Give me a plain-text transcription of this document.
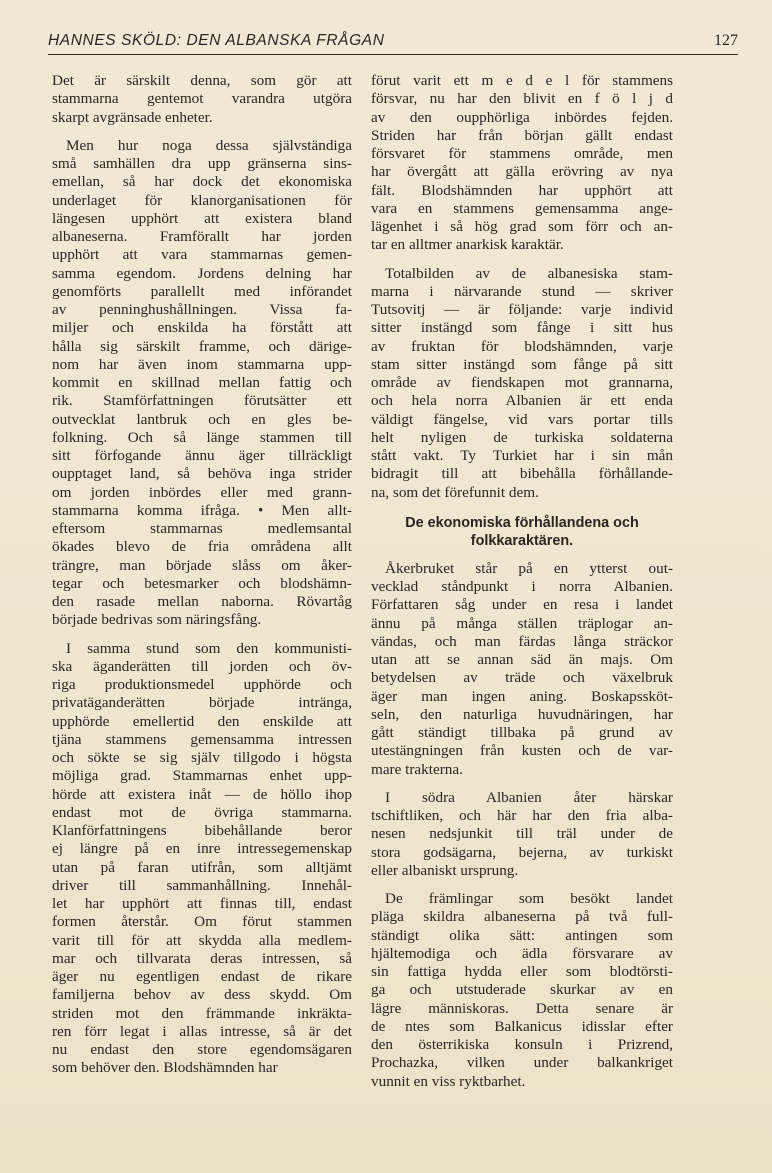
HANNES SKÖLD: DEN ALBANSKA FRÅGAN	127
Det är särskilt denna, som gör att
stammarna gentemot varandra utgöra
skarpt avgränsade enheter.
Men hur noga dessa självständiga
små samhällen dra upp gränserna sins-
emellan, så har dock det ekonomiska
underlaget för klanorganisationen för
längesen upphört att existera bland
albaneserna. Framförallt har jorden
upphört att vara stammarnas gemen-
samma egendom. Jordens delning har
genomförts parallellt med införandet
av penninghushållningen. Vissa fa-
miljer och enskilda ha förstått att
hålla sig särskilt framme, och därige-
nom har även inom stammarna upp-
kommit en skillnad mellan fattig och
rik. Stamförfattningen förutsätter ett
outvecklat lantbruk och en gles be-
folkning. Och så länge stammen till
sitt förfogande ännu äger tillräckligt
oupptaget land, så behöva inga strider
om jorden inbördes eller med grann-
stammarna komma ifråga. • Men allt-
eftersom stammarnas medlemsantal
ökades blevo de fria områdena allt
trängre, man började slåss om åker-
tegar och betesmarker och blodshämn-
den rasade mellan naborna. Rövartåg
började bedrivas som näringsfång.
I samma stund som den kommunisti-
ska äganderätten till jorden och öv-
riga produktionsmedel upphörde och
privatäganderätten började intränga,
upphörde emellertid den enskilde att
tjäna stammens gemensamma intressen
och sökte se sig själv tillgodo i högsta
möjliga grad. Stammarnas enhet upp-
hörde att existera inåt — de höllo ihop
endast mot de övriga stammarna.
Klanförfattningens bibehållande beror
ej längre på en inre intressegemenskap
utan på faran utifrån, som alltjämt
driver till sammanhållning. Innehål-
let har upphört att finnas till, endast
formen återstår. Om förut stammen
varit till för att skydda alla medlem-
mar och tillvarata deras intressen, så
äger nu egentligen endast de rikare
familjerna behov av dess skydd. Om
striden mot den främmande inkräkta-
ren förr legat i allas intresse, så är det
nu endast den store egendomsägaren
som behöver den. Blodshämnden har
förut varit ett m e d e l för stammens
försvar, nu har den blivit en f ö l j d
av den oupphörliga inbördes fejden.
Striden har från början gällt endast
försvaret för stammens område, men
har övergått att gälla erövring av nya
fält. Blodshämnden har upphört att
vara en stammens gemensamma ange-
lägenhet i så hög grad som förr och an-
tar en alltmer anarkisk karaktär.
Totalbilden av de albanesiska stam-
marna i närvarande stund — skriver
Tutsovitj — är följande: varje individ
sitter instängd som fånge i sitt hus
av fruktan för blodshämnden, varje
stam sitter instängd som fånge på sitt
område av fiendskapen mot grannarna,
och hela norra Albanien är ett enda
väldigt fängelse, vid vars portar tills
helt nyligen de turkiska soldaterna
stått vakt. Ty Turkiet har i sin mån
bidragit till att bibehålla förhållande-
na, som det förefunnit dem.
De ekonomiska förhållandena och
folkkaraktären.
Åkerbruket står på en ytterst out-
vecklad ståndpunkt i norra Albanien.
Författaren såg under en resa i landet
ännu på många ställen träplogar an-
vändas, och man färdas långa sträckor
utan att se annan säd än majs. Om
betydelsen av träde och växelbruk
äger man ingen aning. Boskapssköt-
seln, den naturliga huvudnäringen, har
gått ständigt tillbaka på grund av
utestängningen från kusten och de var-
mare trakterna.
I södra Albanien åter härskar
tschiftliken, och här har den fria alba-
nesen nedsjunkit till träl under de
stora godsägarna, bejerna, av turkiskt
eller albaniskt ursprung.
De främlingar som besökt landet
pläga skildra albaneserna på två full-
ständigt olika sätt: antingen som
hjältemodiga och ädla försvarare av
sin fattiga hydda eller som blodtörsti-
ga och utstuderade skurkar av en
lägre människoras. Detta senare är
de ntes som Balkanicus idisslar efter
den österrikiska konsuln i Prizrend,
Prochazka, vilken under balkankriget
vunnit en viss ryktbarhet.
